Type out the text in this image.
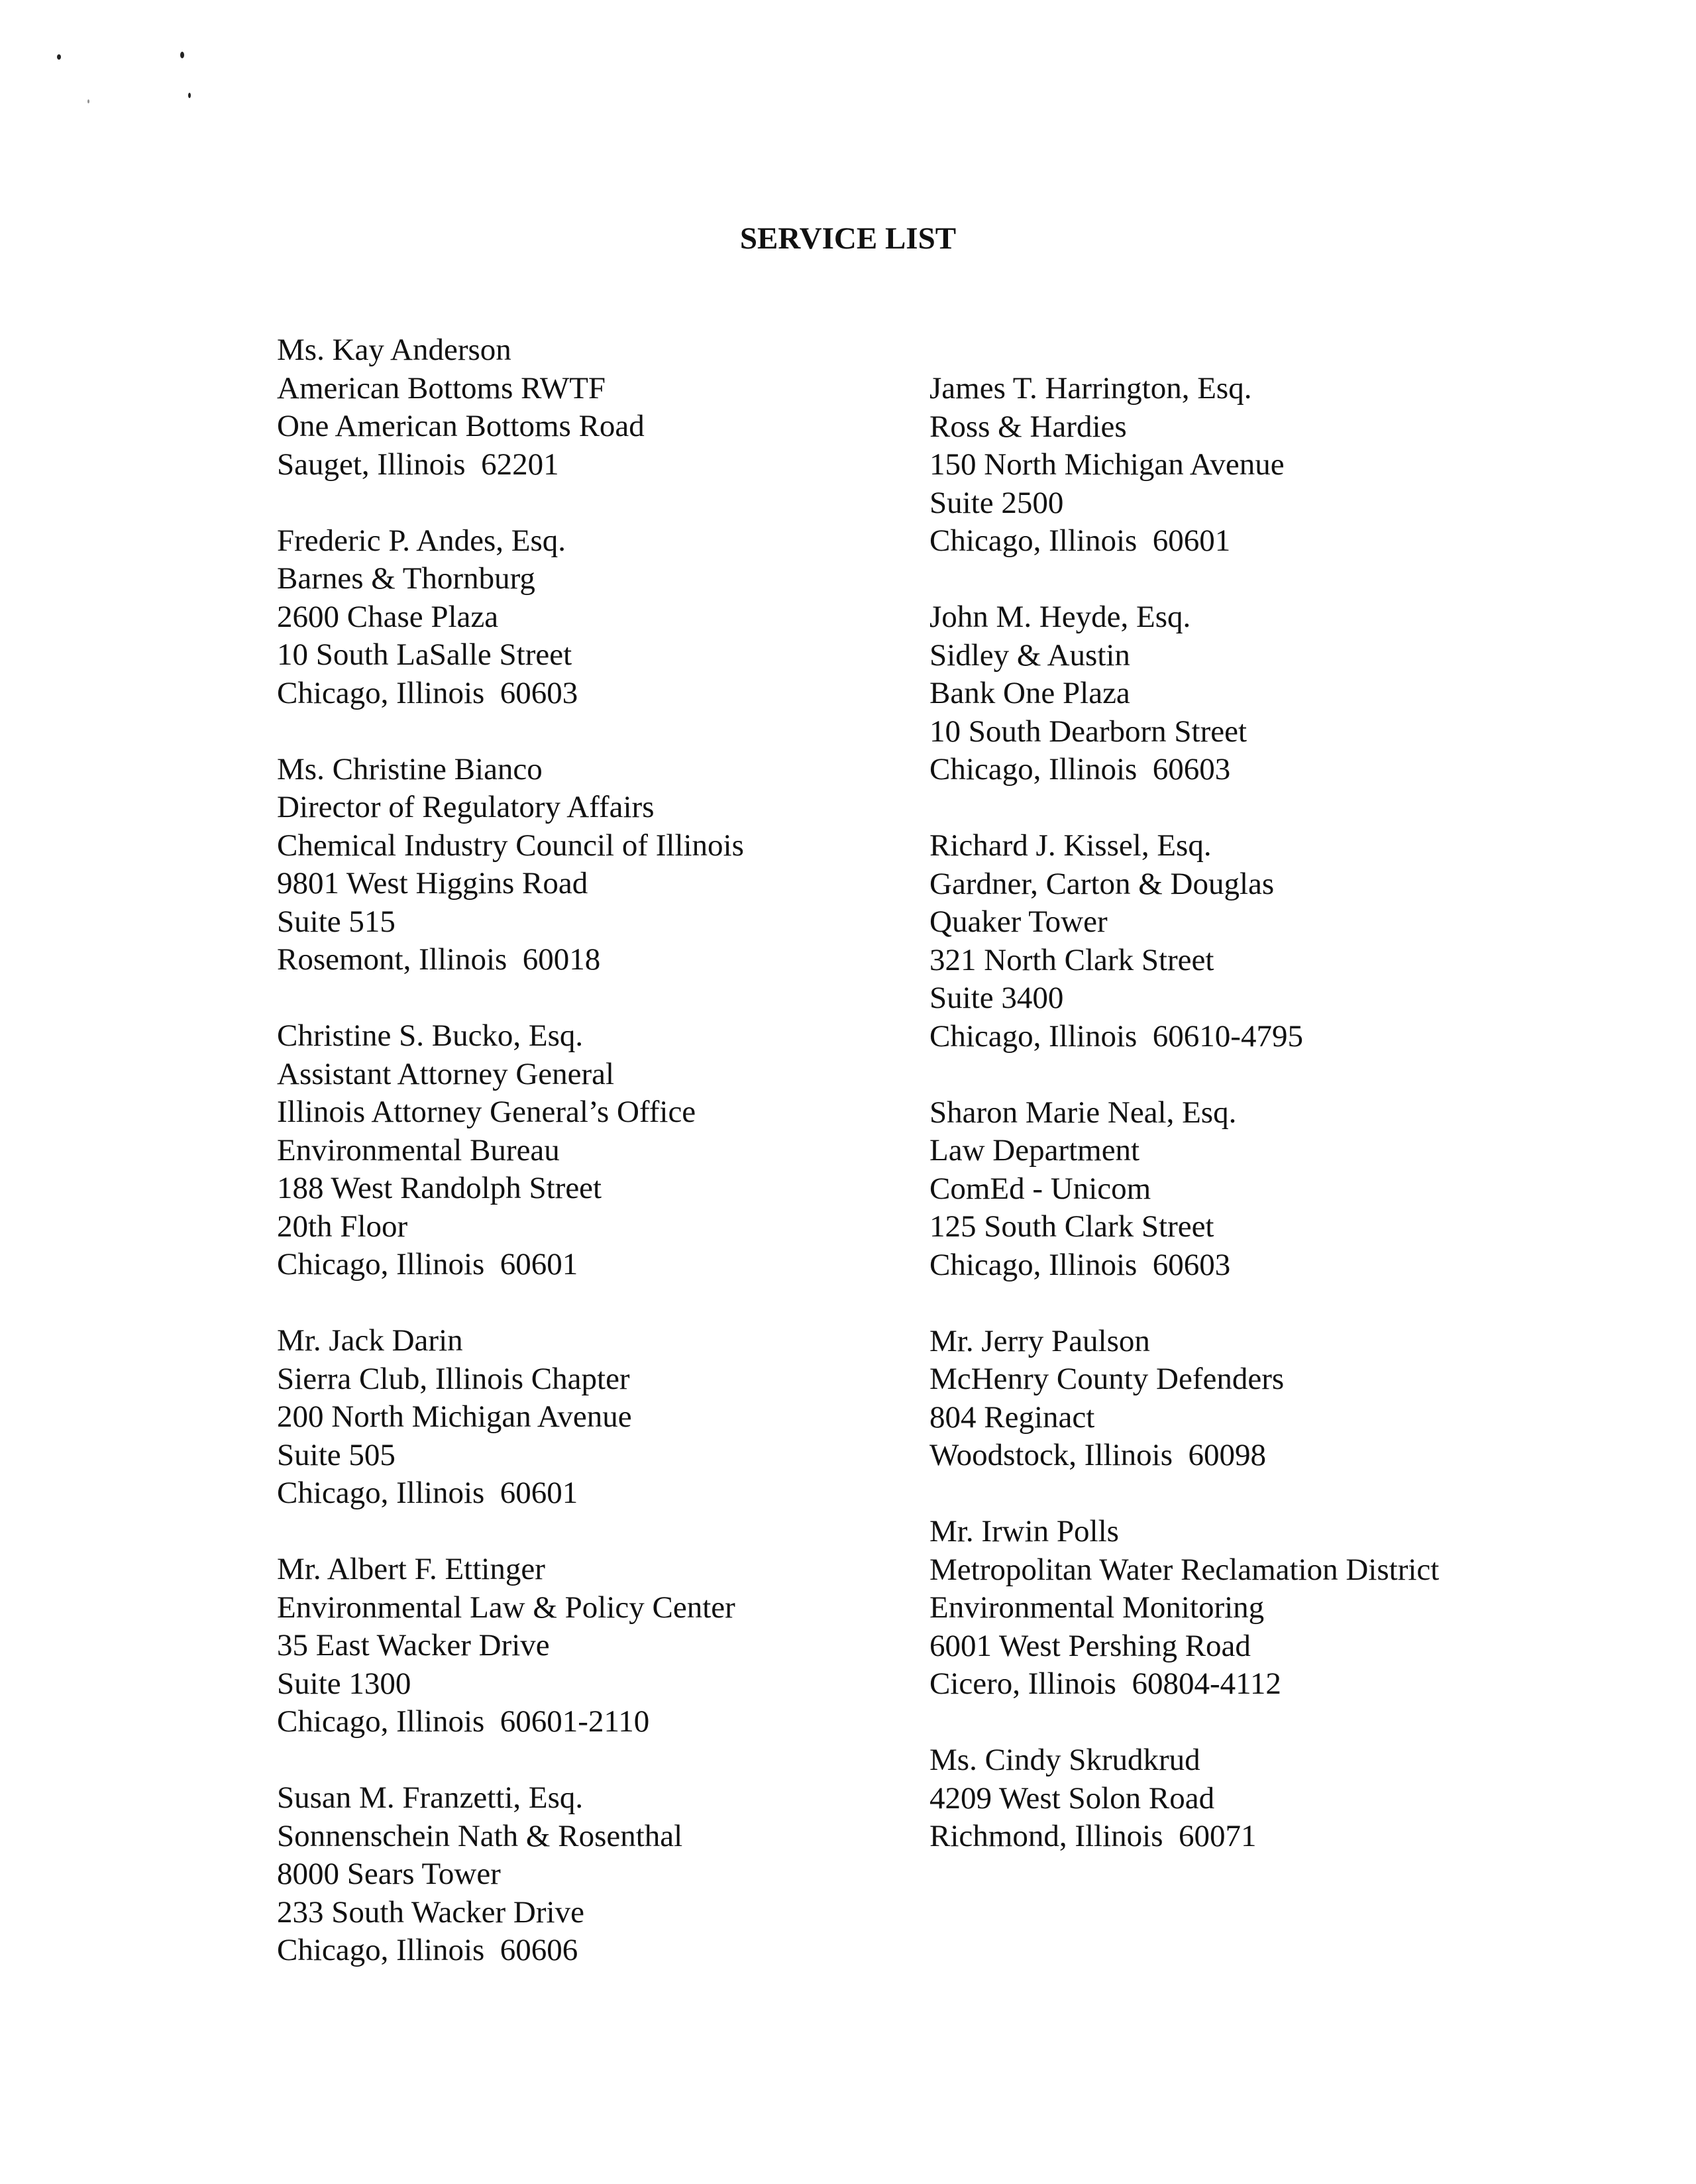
SERVICE LIST
Ms. Kay Anderson
American Bottoms RWTF
One American Bottoms Road
Sauget, Illinois  62201
Frederic P. Andes, Esq.
Barnes & Thornburg
2600 Chase Plaza
10 South LaSalle Street
Chicago, Illinois  60603
Ms. Christine Bianco
Director of Regulatory Affairs
Chemical Industry Council of Illinois
9801 West Higgins Road
Suite 515
Rosemont, Illinois  60018
Christine S. Bucko, Esq.
Assistant Attorney General
Illinois Attorney General’s Office
Environmental Bureau
188 West Randolph Street
20th Floor
Chicago, Illinois  60601
Mr. Jack Darin
Sierra Club, Illinois Chapter
200 North Michigan Avenue
Suite 505
Chicago, Illinois  60601
Mr. Albert F. Ettinger
Environmental Law & Policy Center
35 East Wacker Drive
Suite 1300
Chicago, Illinois  60601-2110
Susan M. Franzetti, Esq.
Sonnenschein Nath & Rosenthal
8000 Sears Tower
233 South Wacker Drive
Chicago, Illinois  60606
James T. Harrington, Esq.
Ross & Hardies
150 North Michigan Avenue
Suite 2500
Chicago, Illinois  60601
John M. Heyde, Esq.
Sidley & Austin
Bank One Plaza
10 South Dearborn Street
Chicago, Illinois  60603
Richard J. Kissel, Esq.
Gardner, Carton & Douglas
Quaker Tower
321 North Clark Street
Suite 3400
Chicago, Illinois  60610-4795
Sharon Marie Neal, Esq.
Law Department
ComEd - Unicom
125 South Clark Street
Chicago, Illinois  60603
Mr. Jerry Paulson
McHenry County Defenders
804 Reginact
Woodstock, Illinois  60098
Mr. Irwin Polls
Metropolitan Water Reclamation District
Environmental Monitoring
6001 West Pershing Road
Cicero, Illinois  60804-4112
Ms. Cindy Skrudkrud
4209 West Solon Road
Richmond, Illinois  60071
